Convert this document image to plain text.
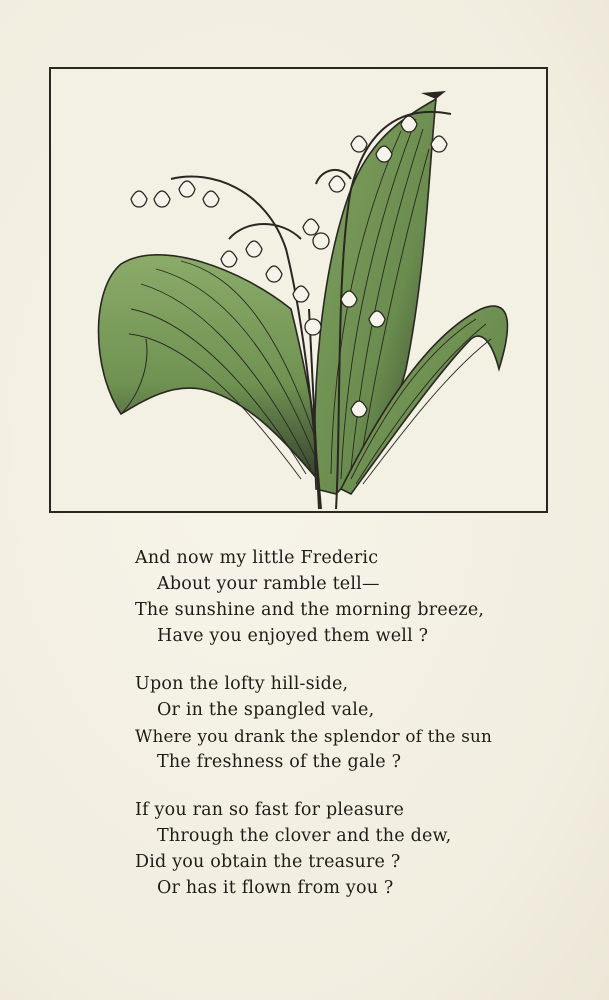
And now my little Frederic
About your ramble tell—
The sunshine and the morning breeze,
Have you enjoyed them well ?
Upon the lofty hill-side,
Or in the spangled vale,
Where you drank the splendor of the sun
The freshness of the gale ?
If you ran so fast for pleasure
Through the clover and the dew,
Did you obtain the treasure ?
Or has it flown from you ?
